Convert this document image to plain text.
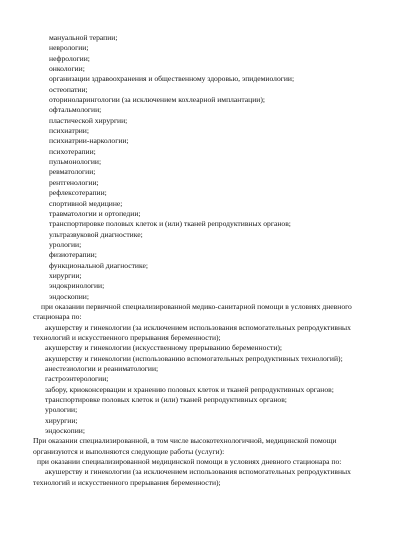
мануальной терапии;
неврологии;
нефрологии;
онкологии;
организации здравоохранения и общественному здоровью, эпидемиологии;
остеопатии;
оториноларингологии (за исключением кохлеарной имплантации);
офтальмологии;
пластической хирургии;
психиатрии;
психиатрии-наркологии;
психотерапии;
пульмонологии;
ревматологии;
рентгенологии;
рефлексотерапии;
спортивной медицине;
травматологии и ортопедии;
транспортировке половых клеток и (или) тканей репродуктивных органов;
ультразвуковой диагностике;
урологии;
физиотерапии;
функциональной диагностике;
хирургии;
эндокринологии;
эндоскопии;
при оказании первичной специализированной медико-санитарной помощи в условиях дневного
стационара по:
акушерству и гинекологии (за исключением использования вспомогательных репродуктивных
технологий и искусственного прерывания беременности);
акушерству и гинекологии (искусственному прерыванию беременности);
акушерству и гинекологии (использованию вспомогательных репродуктивных технологий);
анестезиологии и реаниматологии;
гастроэнтерологии;
забору, криоконсервации и хранению половых клеток и тканей репродуктивных органов;
транспортировке половых клеток и (или) тканей репродуктивных органов;
урологии;
хирургии;
эндоскопии;
При оказании специализированной, в том числе высокотехнологичной, медицинской помощи
организуются и выполняются следующие работы (услуги):
при оказании специализированной медицинской помощи в условиях дневного стационара по:
акушерству и гинекологии (за исключением использования вспомогательных репродуктивных
технологий и искусственного прерывания беременности);
